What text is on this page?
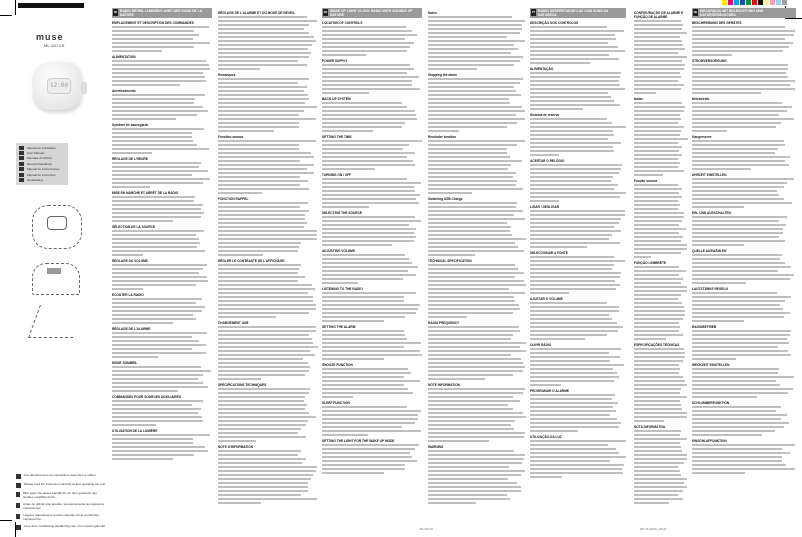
muse
ML-100 CR
12:00
Manuel de l'utilisateur
User Manual
Manuale di Utilizzo
Benutzerhandbuch
Manual de instrucciones
Manual de instruções
Handleiding
Lire attentivement ces instructions avant de les utiliser.
Please read the instruction carefully before operating the unit.
Bitte lesen Sie dieses Handbuch vor dem gebrauch des Gerätes sorgfältig durch.
Antes de utilizar este aparato, lea atentamente las siguientes instrucciones.
Leggere attentamente queste manuale prima di utilizzare l'apparecchio.
Lees deze handleiding aandachtig voor u het toestel gebruikt.
FR RADIO RÉVEIL LUMINEUX AVEC DES SONS DE LA NATURE
EMPLACEMENT ET DESCRIPTION DES COMMANDES
ALIMENTATION
Avertissements
Système de sauvegarde
RÉGLAGE DE L'HEURE
MISE EN MARCHE ET ARRÊT DE LA RADIO
SÉLECTION DE LA SOURCE
RÉGLAGE DU VOLUME
ÉCOUTER LA RADIO
RÉGLAGE DE L'ALARME
MODE SOMMEIL
COMMANDES POUR SOURCES AUXILIAIRES
UTILISATION DE LA LUMIÈRE
RÉGLAGE DE L'ALARME ET DU MODE DE RÉVEIL
Remarques
Fonction snooze
FONCTION RAPPEL
RÉGLER LE CONTRASTE DE L'AFFICHAGE
CHARGEMENT USB
SPÉCIFICATIONS TECHNIQUES
NOTE D'INFORMATION
EN WAKE UP LIGHT CLOCK RADIO WITH SOUNDS OF NATURE
LOCATION OF CONTROLS
POWER SUPPLY
BACK-UP SYSTEM
SETTING THE TIME
TURNING ON / OFF
SELECTING THE SOURCE
ADJUSTING VOLUME
LISTENING TO THE RADIO
SETTING THE ALARM
SNOOZE FUNCTION
SLEEP FUNCTION
SETTING THE LIGHT FOR THE WAKE UP MODE
Notes
Stopping the alarm
Reminder function
Switching USB Charge
TECHNICAL SPECIFICATION
RADIO FREQUENCY
NOTE INFORMATION
WARNING
PT RADIO DESPERTADOR LUZ COM SONS DA NATUREZA
DESCRIÇÃO DOS CONTROLOS
ALIMENTAÇÃO
Sistema de reserva
ACERTAR O RELÓGIO
LIGAR / DESLIGAR
SELECCIONAR A FONTE
AJUSTAR O VOLUME
OUVIR RÁDIO
PROGRAMAR O ALARME
UTILIZAÇÃO DA LUZ
CONFIGURAÇÃO DE ALARME E FUNÇÃO DE ALARME
Notas
Função soneca
FUNÇÃO LEMBRETE
ESPECIFICAÇÕES TÉCNICAS
NOTA INFORMATIVA
DE WECKRADIO MIT BELEUCHTUNG UND NATURGERÄUSCHEN
BESCHREIBUNG DES GERÄTES
STROMVERSORGUNG
Netzbetrieb
Gangreserve
UHRZEIT EINSTELLEN
EIN- UND AUSSCHALTEN
QUELLE AUSWÄHLEN
LAUTSTÄRKE REGELN
RADIOBETRIEB
WECKZEIT EINSTELLEN
SCHLUMMERFUNKTION
EINSCHLAFFUNKTION
ML-100 CR	E/N: ML100CR_131122
